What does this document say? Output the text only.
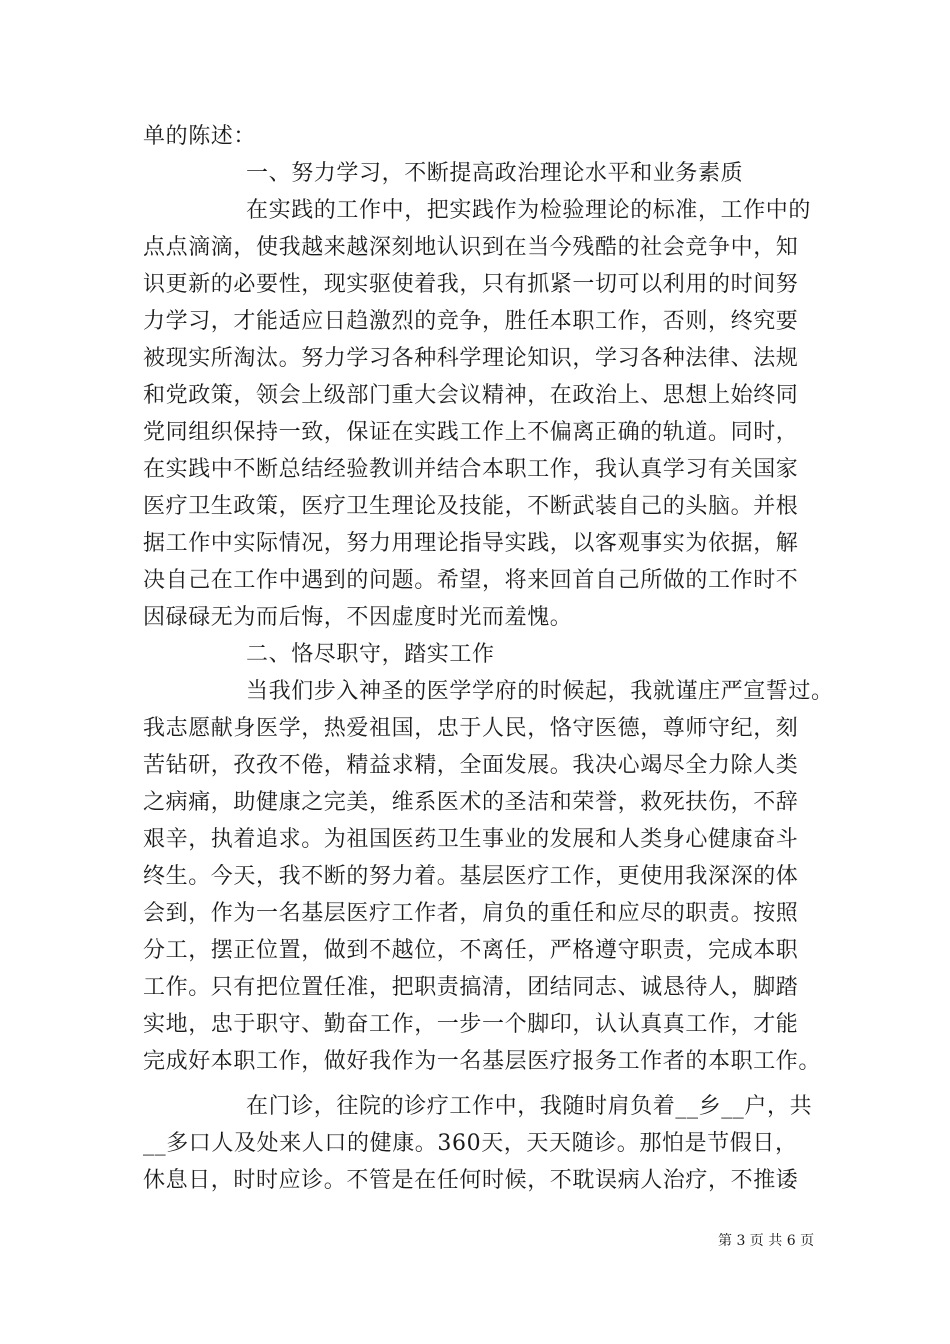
单的陈述：
一、努力学习，不断提高政治理论水平和业务素质
在实践的工作中，把实践作为检验理论的标准，工作中的
点点滴滴，使我越来越深刻地认识到在当今残酷的社会竞争中，知
识更新的必要性，现实驱使着我，只有抓紧一切可以利用的时间努
力学习，才能适应日趋激烈的竞争，胜任本职工作，否则，终究要
被现实所淘汰。努力学习各种科学理论知识，学习各种法律、法规
和党政策，领会上级部门重大会议精神，在政治上、思想上始终同
党同组织保持一致，保证在实践工作上不偏离正确的轨道。同时，
在实践中不断总结经验教训并结合本职工作，我认真学习有关国家
医疗卫生政策，医疗卫生理论及技能，不断武装自己的头脑。并根
据工作中实际情况，努力用理论指导实践，以客观事实为依据，解
决自己在工作中遇到的问题。希望，将来回首自己所做的工作时不
因碌碌无为而后悔，不因虚度时光而羞愧。
二、恪尽职守，踏实工作
当我们步入神圣的医学学府的时候起，我就谨庄严宣誓过。
我志愿献身医学，热爱祖国，忠于人民，恪守医德，尊师守纪，刻
苦钻研，孜孜不倦，精益求精，全面发展。我决心竭尽全力除人类
之病痛，助健康之完美，维系医术的圣洁和荣誉，救死扶伤，不辞
艰辛，执着追求。为祖国医药卫生事业的发展和人类身心健康奋斗
终生。今天，我不断的努力着。基层医疗工作，更使用我深深的体
会到，作为一名基层医疗工作者，肩负的重任和应尽的职责。按照
分工，摆正位置，做到不越位，不离任，严格遵守职责，完成本职
工作。只有把位置任准，把职责搞清，团结同志、诚恳待人，脚踏
实地，忠于职守、勤奋工作，一步一个脚印，认认真真工作，才能
完成好本职工作，做好我作为一名基层医疗报务工作者的本职工作。
在门诊，往院的诊疗工作中，我随时肩负着__乡__户，共
__多口人及处来人口的健康。360天，天天随诊。那怕是节假日，
休息日，时时应诊。不管是在任何时候，不耽误病人治疗，不推诿
第 3 页 共 6 页
